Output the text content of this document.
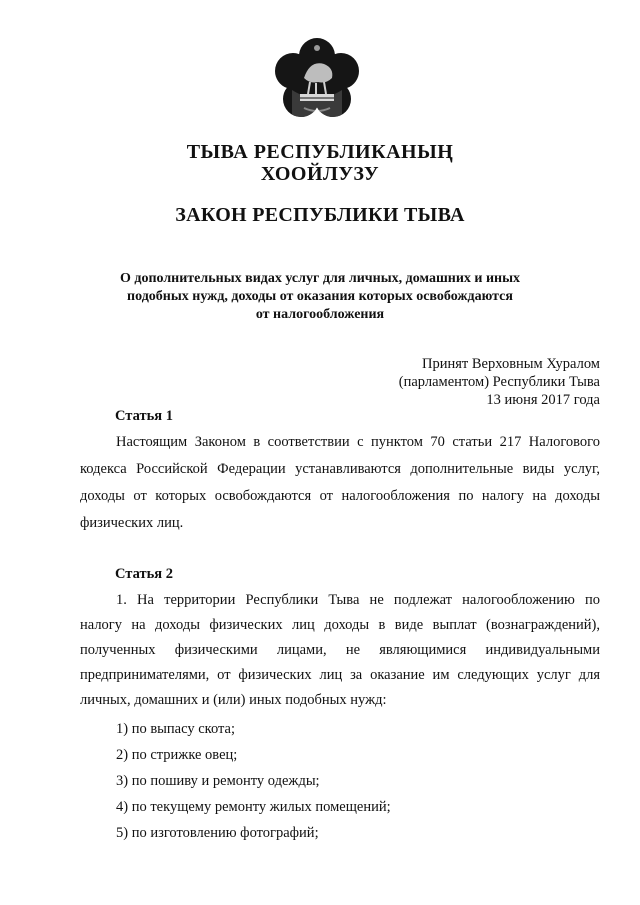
ТЫВА РЕСПУБЛИКАНЫҢ
ХООЙЛУЗУ
ЗАКОН РЕСПУБЛИКИ ТЫВА
О дополнительных видах услуг для личных, домашних и иных
подобных нужд, доходы от оказания которых освобождаются
от налогообложения
Принят Верховным Хуралом
(парламентом) Республики Тыва
13 июня 2017 года
Статья 1
Настоящим Законом в соответствии с пунктом 70 статьи 217 Налогового
кодекса Российской Федерации устанавливаются дополнительные виды услуг,
доходы от которых освобождаются от налогообложения по налогу на доходы
физических лиц.
Статья 2
1. На территории Республики Тыва не подлежат налогообложению по
налогу на доходы физических лиц доходы в виде выплат (вознаграждений),
полученных физическими лицами, не являющимися индивидуальными
предпринимателями, от физических лиц за оказание им следующих услуг для
личных, домашних и (или) иных подобных нужд:
1) по выпасу скота;
2) по стрижке овец;
3) по пошиву и ремонту одежды;
4) по текущему ремонту жилых помещений;
5) по изготовлению фотографий;
